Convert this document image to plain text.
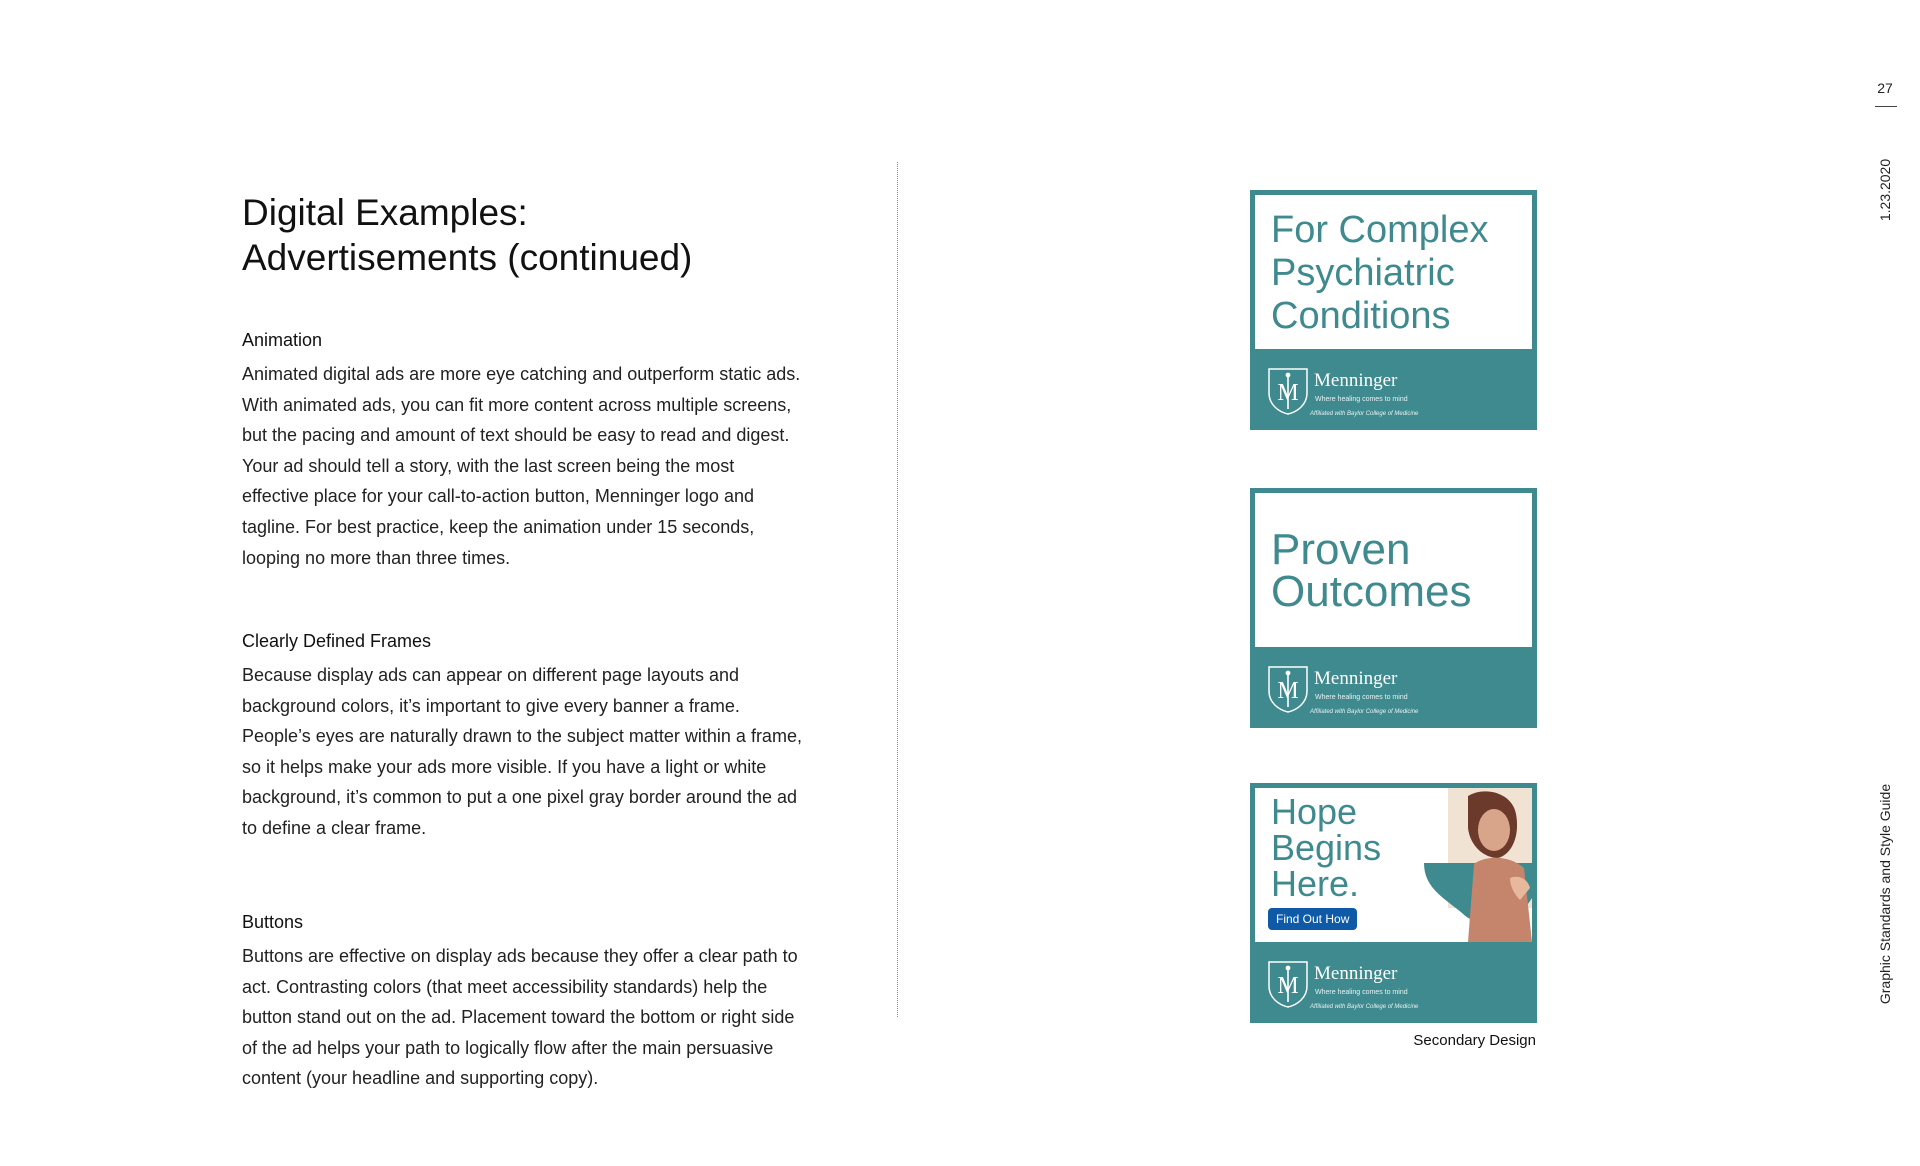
Digital Examples:
Advertisements (continued)
Animation

Animated digital ads are more eye catching and outperform static ads. With animated ads, you can fit more content across multiple screens, but the pacing and amount of text should be easy to read and digest. Your ad should tell a story, with the last screen being the most effective place for your call-to-action button, Menninger logo and tagline. For best practice, keep the animation under 15 seconds, looping no more than three times.

Clearly Defined Frames

Because display ads can appear on different page layouts and background colors, it’s important to give every banner a frame. People’s eyes are naturally drawn to the subject matter within a frame, so it helps make your ads more visible. If you have a light or white background, it’s common to put a one pixel gray border around the ad to define a clear frame.

Buttons

Buttons are effective on display ads because they offer a clear path to act. Contrasting colors (that meet accessibility standards) help the button stand out on the ad. Placement toward the bottom or right side of the ad helps your path to logically flow after the main persuasive content (your headline and supporting copy).

For Complex
Psychiatric
Conditions
M Menninger
Where healing comes to mind
Affiliated with Baylor College of Medicine
Proven
Outcomes
M Menninger
Where healing comes to mind
Affiliated with Baylor College of Medicine
Hope
Begins
Here.
Find Out How
M Menninger
Where healing comes to mind
Affiliated with Baylor College of Medicine
Secondary Design
27
1.23.2020
Graphic Standards and Style Guide
